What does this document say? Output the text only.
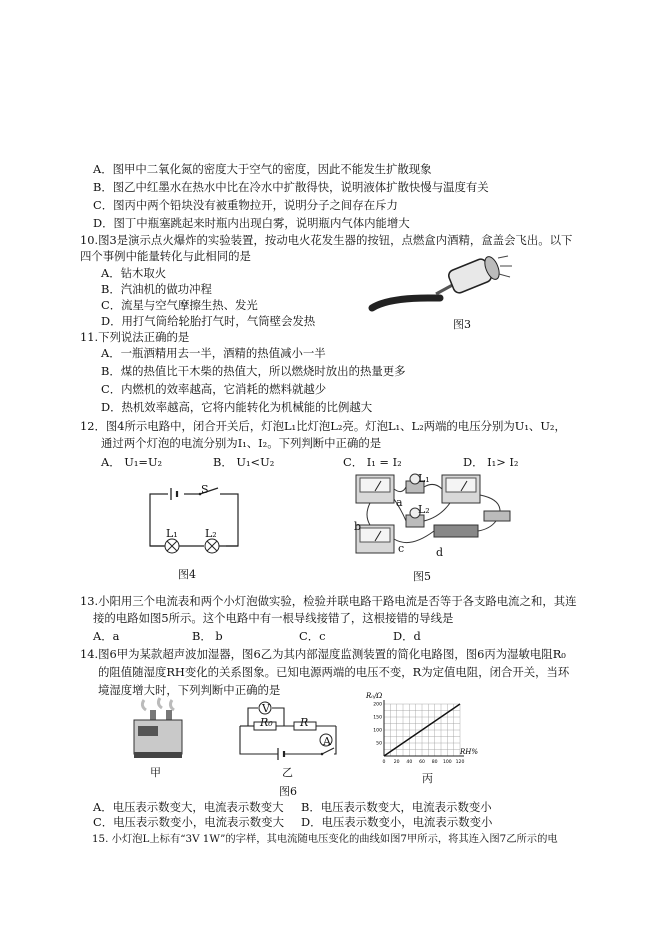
A．图甲中二氧化氮的密度大于空气的密度，因此不能发生扩散现象
B．图乙中红墨水在热水中比在冷水中扩散得快，说明液体扩散快慢与温度有关
C．图丙中两个铅块没有被重物拉开，说明分子之间存在斥力
D．图丁中瓶塞跳起来时瓶内出现白雾，说明瓶内气体内能增大
10.图3是演示点火爆炸的实验装置，按动电火花发生器的按钮，点燃盒内酒精，盒盖会飞出。以下
四个事例中能量转化与此相同的是
A．钻木取火
B．汽油机的做功冲程
C．流星与空气摩擦生热、发光
D．用打气筒给轮胎打气时，气筒壁会发热	图3
11.下列说法正确的是
A．一瓶酒精用去一半，酒精的热值减小一半
B．煤的热值比干木柴的热值大，所以燃烧时放出的热量更多
C．内燃机的效率越高，它消耗的燃料就越少
D．热机效率越高，它将内能转化为机械能的比例越大
12．图4所示电路中，闭合开关后，灯泡L₁比灯泡L₂亮。灯泡L₁、L₂两端的电压分别为U₁、U₂，
通过两个灯泡的电流分别为I₁、I₂。下列判断中正确的是
A． U₁=U₂	B． U₁<U₂	C． I₁ = I₂	D． I₁> I₂
S
L₁ L₂
图4
a
b
c	d
L₁
L₂
图5
13.小阳用三个电流表和两个小灯泡做实验，检验并联电路干路电流是否等于各支路电流之和，其连
接的电路如图5所示。这个电路中有一根导线接错了，这根接错的导线是
A．a	B． b	C．c	D．d
14.图6甲为某款超声波加湿器，图6乙为其内部湿度监测装置的简化电路图，图6丙为湿敏电阻R₀
的阻值随湿度RH变化的关系图象。已知电源两端的电压不变，R为定值电阻，闭合开关，当环
境湿度增大时，下列判断中正确的是
甲
V
R₀ R
A
乙
0 20 40 60 80 100 120
50
100
150
200
R₀/Ω
RH%
丙
图6
A．电压表示数变大，电流表示数变大 B．电压表示数变大，电流表示数变小
C．电压表示数变小，电流表示数变大 D．电压表示数变小，电流表示数变小
15. 小灯泡L上标有“3V 1W”的字样，其电流随电压变化的曲线如图7甲所示，将其连入图7乙所示的电
